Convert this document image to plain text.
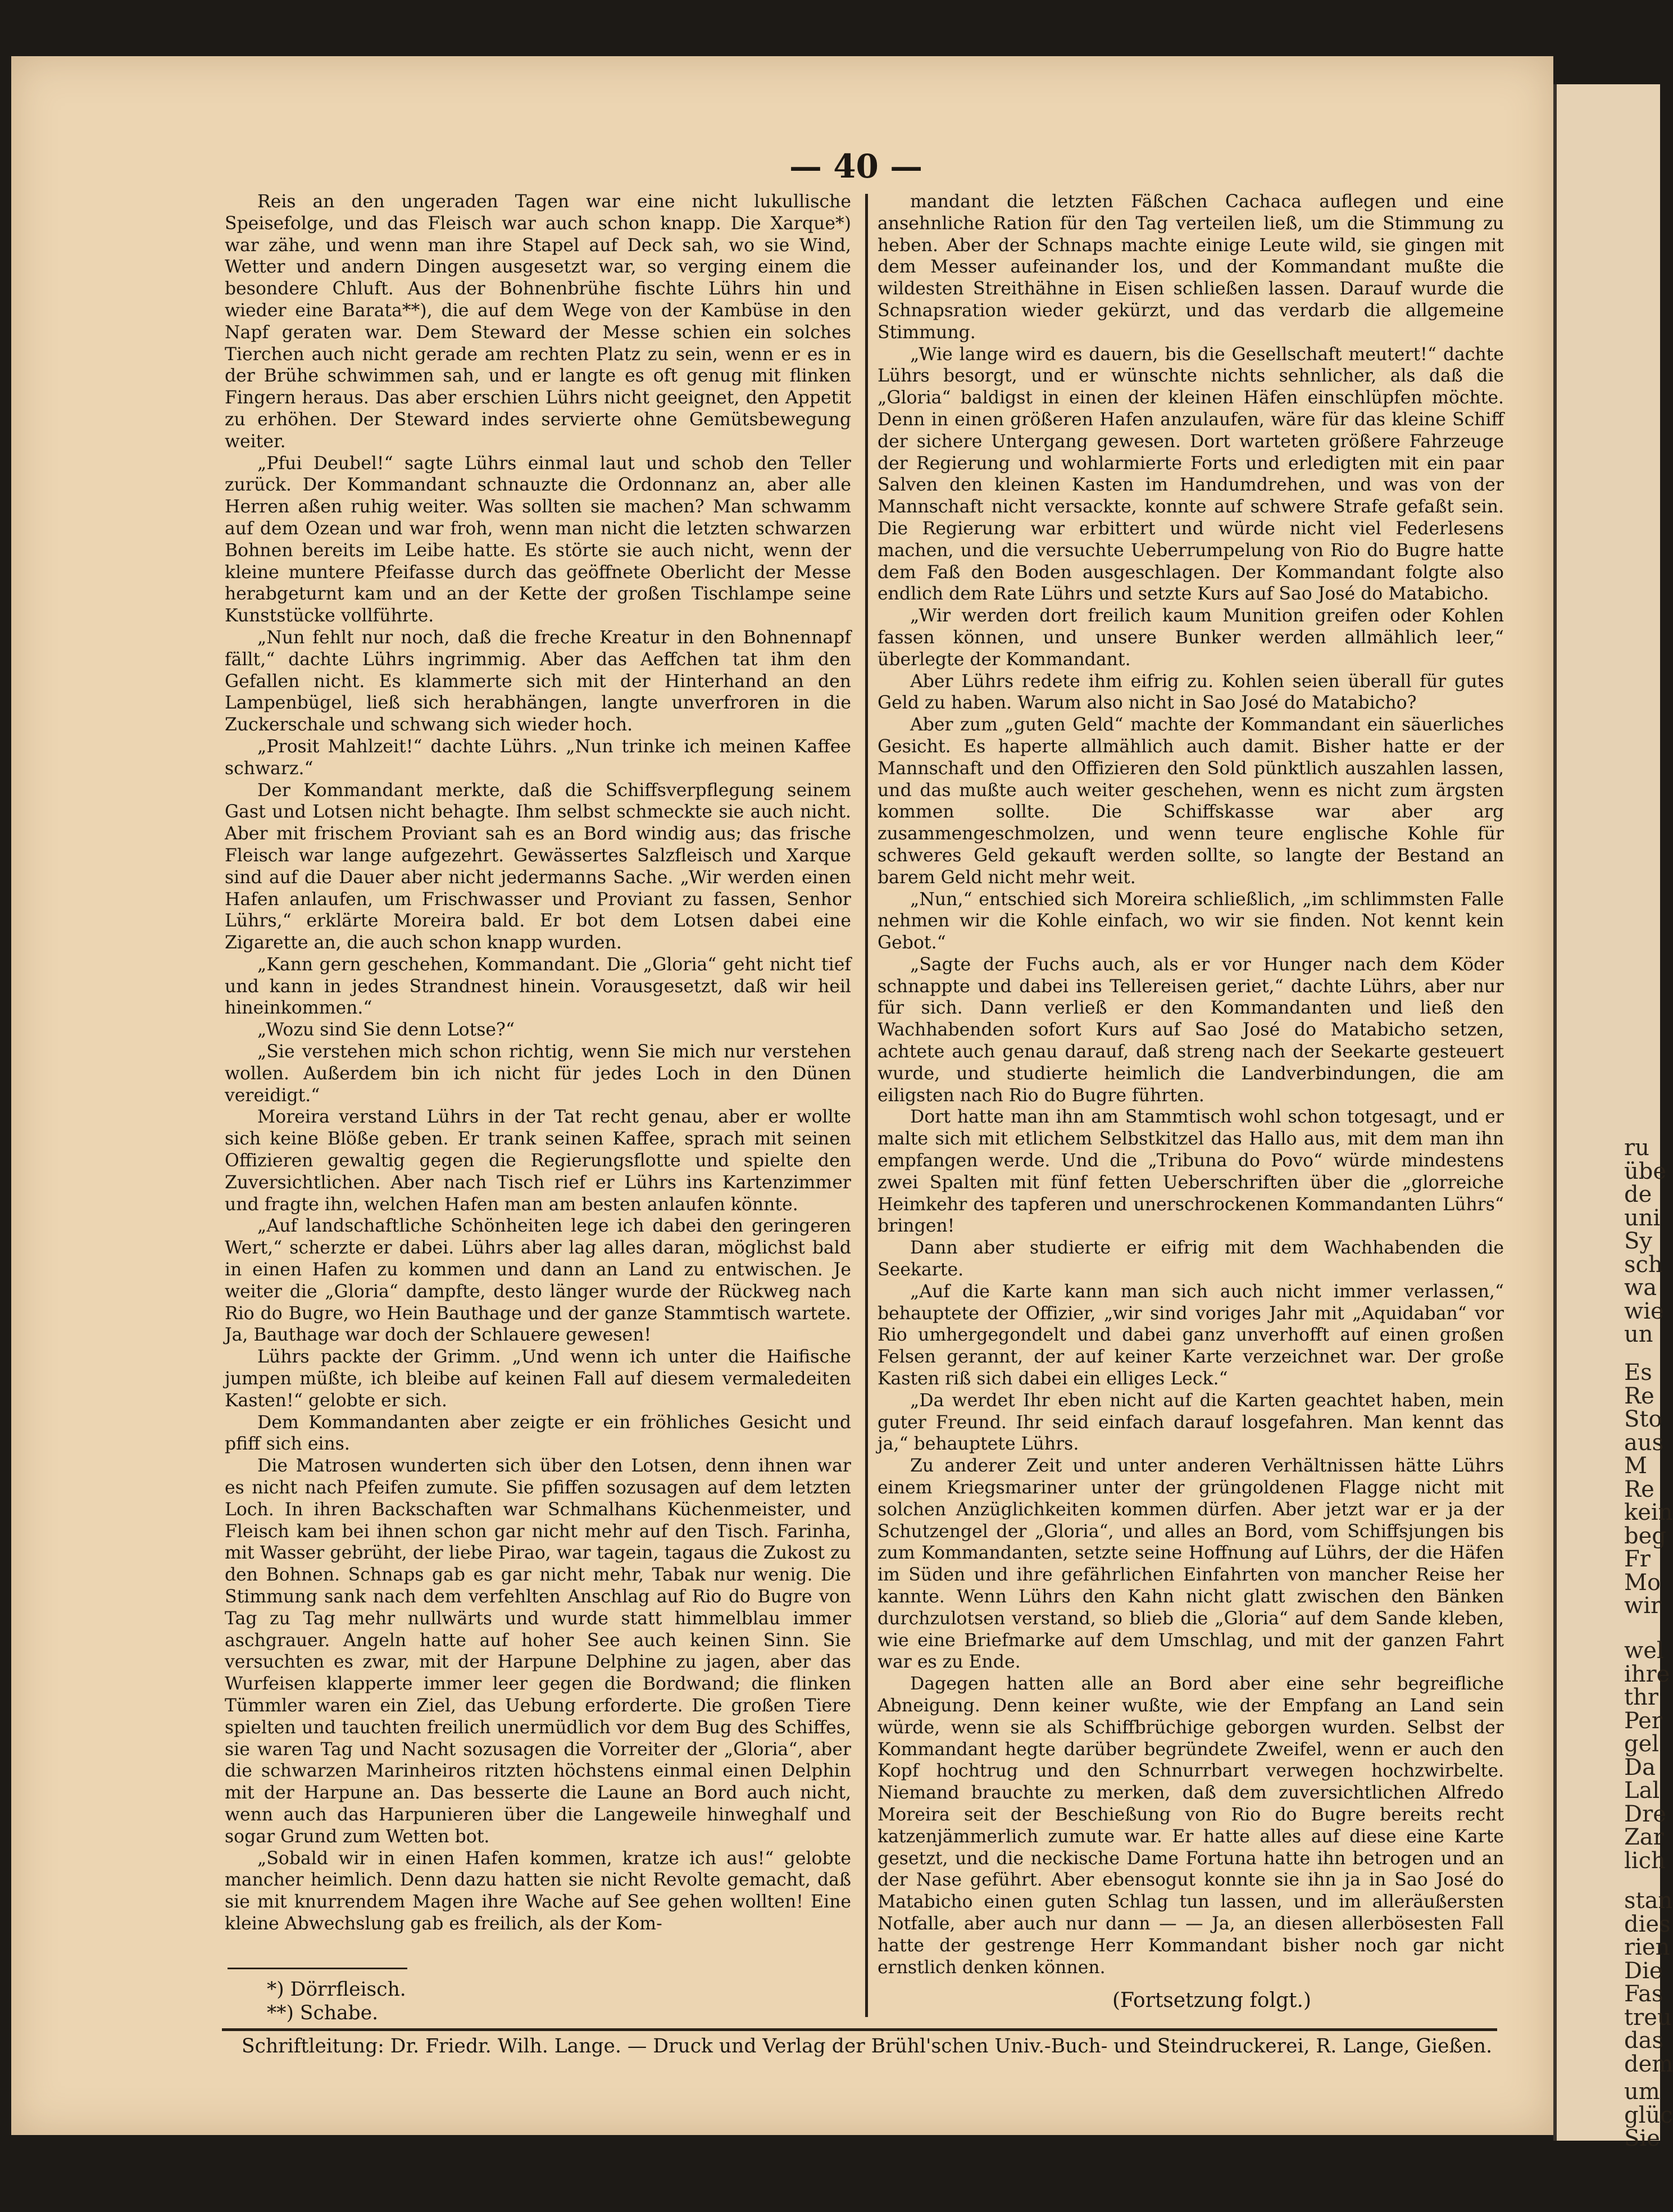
ru
übe
de
uni
Sy
sch
wa
wie
un
Es
Re
Sto
aus
M
Re
kein
beg
Fr
Mo
wir
wel
ihre
thr
Per
gel
Da
Lal
Dre
Zar
lich
stan
dies
rien
Die
Fas
treu
das
dem
um
glüc
Sie
— 40 —

Reis an den ungeraden Tagen war eine nicht lukullische Speisefolge, und das Fleisch war auch schon knapp. Die Xarque*) war zähe, und wenn man ihre Stapel auf Deck sah, wo sie Wind, Wetter und andern Dingen ausgesetzt war, so verging einem die besondere Chluft. Aus der Bohnenbrühe fischte Lührs hin und wieder eine Barata**), die auf dem Wege von der Kambüse in den Napf geraten war. Dem Steward der Messe schien ein solches Tierchen auch nicht gerade am rechten Platz zu sein, wenn er es in der Brühe schwimmen sah, und er langte es oft genug mit flinken Fingern heraus. Das aber erschien Lührs nicht geeignet, den Appetit zu erhöhen. Der Steward indes servierte ohne Gemütsbewegung weiter.

„Pfui Deubel!“ sagte Lührs einmal laut und schob den Teller zurück. Der Kommandant schnauzte die Ordonnanz an, aber alle Herren aßen ruhig weiter. Was sollten sie machen? Man schwamm auf dem Ozean und war froh, wenn man nicht die letzten schwarzen Bohnen bereits im Leibe hatte. Es störte sie auch nicht, wenn der kleine muntere Pfeifasse durch das geöffnete Oberlicht der Messe herabgeturnt kam und an der Kette der großen Tischlampe seine Kunststücke vollführte.

„Nun fehlt nur noch, daß die freche Kreatur in den Bohnennapf fällt,“ dachte Lührs ingrimmig. Aber das Aeffchen tat ihm den Gefallen nicht. Es klammerte sich mit der Hinterhand an den Lampenbügel, ließ sich herabhängen, langte unverfroren in die Zuckerschale und schwang sich wieder hoch.

„Prosit Mahlzeit!“ dachte Lührs. „Nun trinke ich meinen Kaffee schwarz.“

Der Kommandant merkte, daß die Schiffsverpflegung seinem Gast und Lotsen nicht behagte. Ihm selbst schmeckte sie auch nicht. Aber mit frischem Proviant sah es an Bord windig aus; das frische Fleisch war lange aufgezehrt. Gewässertes Salzfleisch und Xarque sind auf die Dauer aber nicht jedermanns Sache. „Wir werden einen Hafen anlaufen, um Frischwasser und Proviant zu fassen, Senhor Lührs,“ erklärte Moreira bald. Er bot dem Lotsen dabei eine Zigarette an, die auch schon knapp wurden.

„Kann gern geschehen, Kommandant. Die „Gloria“ geht nicht tief und kann in jedes Strandnest hinein. Vorausgesetzt, daß wir heil hineinkommen.“

„Wozu sind Sie denn Lotse?“

„Sie verstehen mich schon richtig, wenn Sie mich nur verstehen wollen. Außerdem bin ich nicht für jedes Loch in den Dünen vereidigt.“

Moreira verstand Lührs in der Tat recht genau, aber er wollte sich keine Blöße geben. Er trank seinen Kaffee, sprach mit seinen Offizieren gewaltig gegen die Regierungsflotte und spielte den Zuversichtlichen. Aber nach Tisch rief er Lührs ins Kartenzimmer und fragte ihn, welchen Hafen man am besten anlaufen könnte.

„Auf landschaftliche Schönheiten lege ich dabei den geringeren Wert,“ scherzte er dabei. Lührs aber lag alles daran, möglichst bald in einen Hafen zu kommen und dann an Land zu entwischen. Je weiter die „Gloria“ dampfte, desto länger wurde der Rückweg nach Rio do Bugre, wo Hein Bauthage und der ganze Stammtisch wartete. Ja, Bauthage war doch der Schlauere gewesen!

Lührs packte der Grimm. „Und wenn ich unter die Haifische jumpen müßte, ich bleibe auf keinen Fall auf diesem vermaledeiten Kasten!“ gelobte er sich.

Dem Kommandanten aber zeigte er ein fröhliches Gesicht und pfiff sich eins.

Die Matrosen wunderten sich über den Lotsen, denn ihnen war es nicht nach Pfeifen zumute. Sie pfiffen sozusagen auf dem letzten Loch. In ihren Backschaften war Schmalhans Küchenmeister, und Fleisch kam bei ihnen schon gar nicht mehr auf den Tisch. Farinha, mit Wasser gebrüht, der liebe Pirao, war tagein, tagaus die Zukost zu den Bohnen. Schnaps gab es gar nicht mehr, Tabak nur wenig. Die Stimmung sank nach dem verfehlten Anschlag auf Rio do Bugre von Tag zu Tag mehr nullwärts und wurde statt himmelblau immer aschgrauer. Angeln hatte auf hoher See auch keinen Sinn. Sie versuchten es zwar, mit der Harpune Delphine zu jagen, aber das Wurfeisen klapperte immer leer gegen die Bordwand; die flinken Tümmler waren ein Ziel, das Uebung erforderte. Die großen Tiere spielten und tauchten freilich unermüdlich vor dem Bug des Schiffes, sie waren Tag und Nacht sozusagen die Vorreiter der „Gloria“, aber die schwarzen Marinheiros ritzten höchstens einmal einen Delphin mit der Harpune an. Das besserte die Laune an Bord auch nicht, wenn auch das Harpunieren über die Langeweile hinweghalf und sogar Grund zum Wetten bot.

„Sobald wir in einen Hafen kommen, kratze ich aus!“ gelobte mancher heimlich. Denn dazu hatten sie nicht Revolte gemacht, daß sie mit knurrendem Magen ihre Wache auf See gehen wollten! Eine kleine Abwechslung gab es freilich, als der Kom-

mandant die letzten Fäßchen Cachaca auflegen und eine ansehnliche Ration für den Tag verteilen ließ, um die Stimmung zu heben. Aber der Schnaps machte einige Leute wild, sie gingen mit dem Messer aufeinander los, und der Kommandant mußte die wildesten Streithähne in Eisen schließen lassen. Darauf wurde die Schnapsration wieder gekürzt, und das verdarb die allgemeine Stimmung.

„Wie lange wird es dauern, bis die Gesellschaft meutert!“ dachte Lührs besorgt, und er wünschte nichts sehnlicher, als daß die „Gloria“ baldigst in einen der kleinen Häfen einschlüpfen möchte. Denn in einen größeren Hafen anzulaufen, wäre für das kleine Schiff der sichere Untergang gewesen. Dort warteten größere Fahrzeuge der Regierung und wohlarmierte Forts und erledigten mit ein paar Salven den kleinen Kasten im Handumdrehen, und was von der Mannschaft nicht versackte, konnte auf schwere Strafe gefaßt sein. Die Regierung war erbittert und würde nicht viel Federlesens machen, und die versuchte Ueberrumpelung von Rio do Bugre hatte dem Faß den Boden ausgeschlagen. Der Kommandant folgte also endlich dem Rate Lührs und setzte Kurs auf Sao José do Matabicho.

„Wir werden dort freilich kaum Munition greifen oder Kohlen fassen können, und unsere Bunker werden allmählich leer,“ überlegte der Kommandant.

Aber Lührs redete ihm eifrig zu. Kohlen seien überall für gutes Geld zu haben. Warum also nicht in Sao José do Matabicho?

Aber zum „guten Geld“ machte der Kommandant ein säuerliches Gesicht. Es haperte allmählich auch damit. Bisher hatte er der Mannschaft und den Offizieren den Sold pünktlich auszahlen lassen, und das mußte auch weiter geschehen, wenn es nicht zum ärgsten kommen sollte. Die Schiffskasse war aber arg zusammengeschmolzen, und wenn teure englische Kohle für schweres Geld gekauft werden sollte, so langte der Bestand an barem Geld nicht mehr weit.

„Nun,“ entschied sich Moreira schließlich, „im schlimmsten Falle nehmen wir die Kohle einfach, wo wir sie finden. Not kennt kein Gebot.“

„Sagte der Fuchs auch, als er vor Hunger nach dem Köder schnappte und dabei ins Tellereisen geriet,“ dachte Lührs, aber nur für sich. Dann verließ er den Kommandanten und ließ den Wachhabenden sofort Kurs auf Sao José do Matabicho setzen, achtete auch genau darauf, daß streng nach der Seekarte gesteuert wurde, und studierte heimlich die Landverbindungen, die am eiligsten nach Rio do Bugre führten.

Dort hatte man ihn am Stammtisch wohl schon totgesagt, und er malte sich mit etlichem Selbstkitzel das Hallo aus, mit dem man ihn empfangen werde. Und die „Tribuna do Povo“ würde mindestens zwei Spalten mit fünf fetten Ueberschriften über die „glorreiche Heimkehr des tapferen und unerschrockenen Kommandanten Lührs“ bringen!

Dann aber studierte er eifrig mit dem Wachhabenden die Seekarte.

„Auf die Karte kann man sich auch nicht immer verlassen,“ behauptete der Offizier, „wir sind voriges Jahr mit „Aquidaban“ vor Rio umhergegondelt und dabei ganz unverhofft auf einen großen Felsen gerannt, der auf keiner Karte verzeichnet war. Der große Kasten riß sich dabei ein elliges Leck.“

„Da werdet Ihr eben nicht auf die Karten geachtet haben, mein guter Freund. Ihr seid einfach darauf losgefahren. Man kennt das ja,“ behauptete Lührs.

Zu anderer Zeit und unter anderen Verhältnissen hätte Lührs einem Kriegsmariner unter der grüngoldenen Flagge nicht mit solchen Anzüglichkeiten kommen dürfen. Aber jetzt war er ja der Schutzengel der „Gloria“, und alles an Bord, vom Schiffsjungen bis zum Kommandanten, setzte seine Hoffnung auf Lührs, der die Häfen im Süden und ihre gefährlichen Einfahrten von mancher Reise her kannte. Wenn Lührs den Kahn nicht glatt zwischen den Bänken durchzulotsen verstand, so blieb die „Gloria“ auf dem Sande kleben, wie eine Briefmarke auf dem Umschlag, und mit der ganzen Fahrt war es zu Ende.

Dagegen hatten alle an Bord aber eine sehr begreifliche Abneigung. Denn keiner wußte, wie der Empfang an Land sein würde, wenn sie als Schiffbrüchige geborgen wurden. Selbst der Kommandant hegte darüber begründete Zweifel, wenn er auch den Kopf hochtrug und den Schnurrbart verwegen hochzwirbelte. Niemand brauchte zu merken, daß dem zuversichtlichen Alfredo Moreira seit der Beschießung von Rio do Bugre bereits recht katzenjämmerlich zumute war. Er hatte alles auf diese eine Karte gesetzt, und die neckische Dame Fortuna hatte ihn betrogen und an der Nase geführt. Aber ebensogut konnte sie ihn ja in Sao José do Matabicho einen guten Schlag tun lassen, und im alleräußersten Notfalle, aber auch nur dann — — Ja, an diesen allerbösesten Fall hatte der gestrenge Herr Kommandant bisher noch gar nicht ernstlich denken können.

*) Dörrfleisch.

**) Schabe.

(Fortsetzung folgt.)
Schriftleitung: Dr. Friedr. Wilh. Lange. — Druck und Verlag der Brühl'schen Univ.-Buch- und Steindruckerei, R. Lange, Gießen.
